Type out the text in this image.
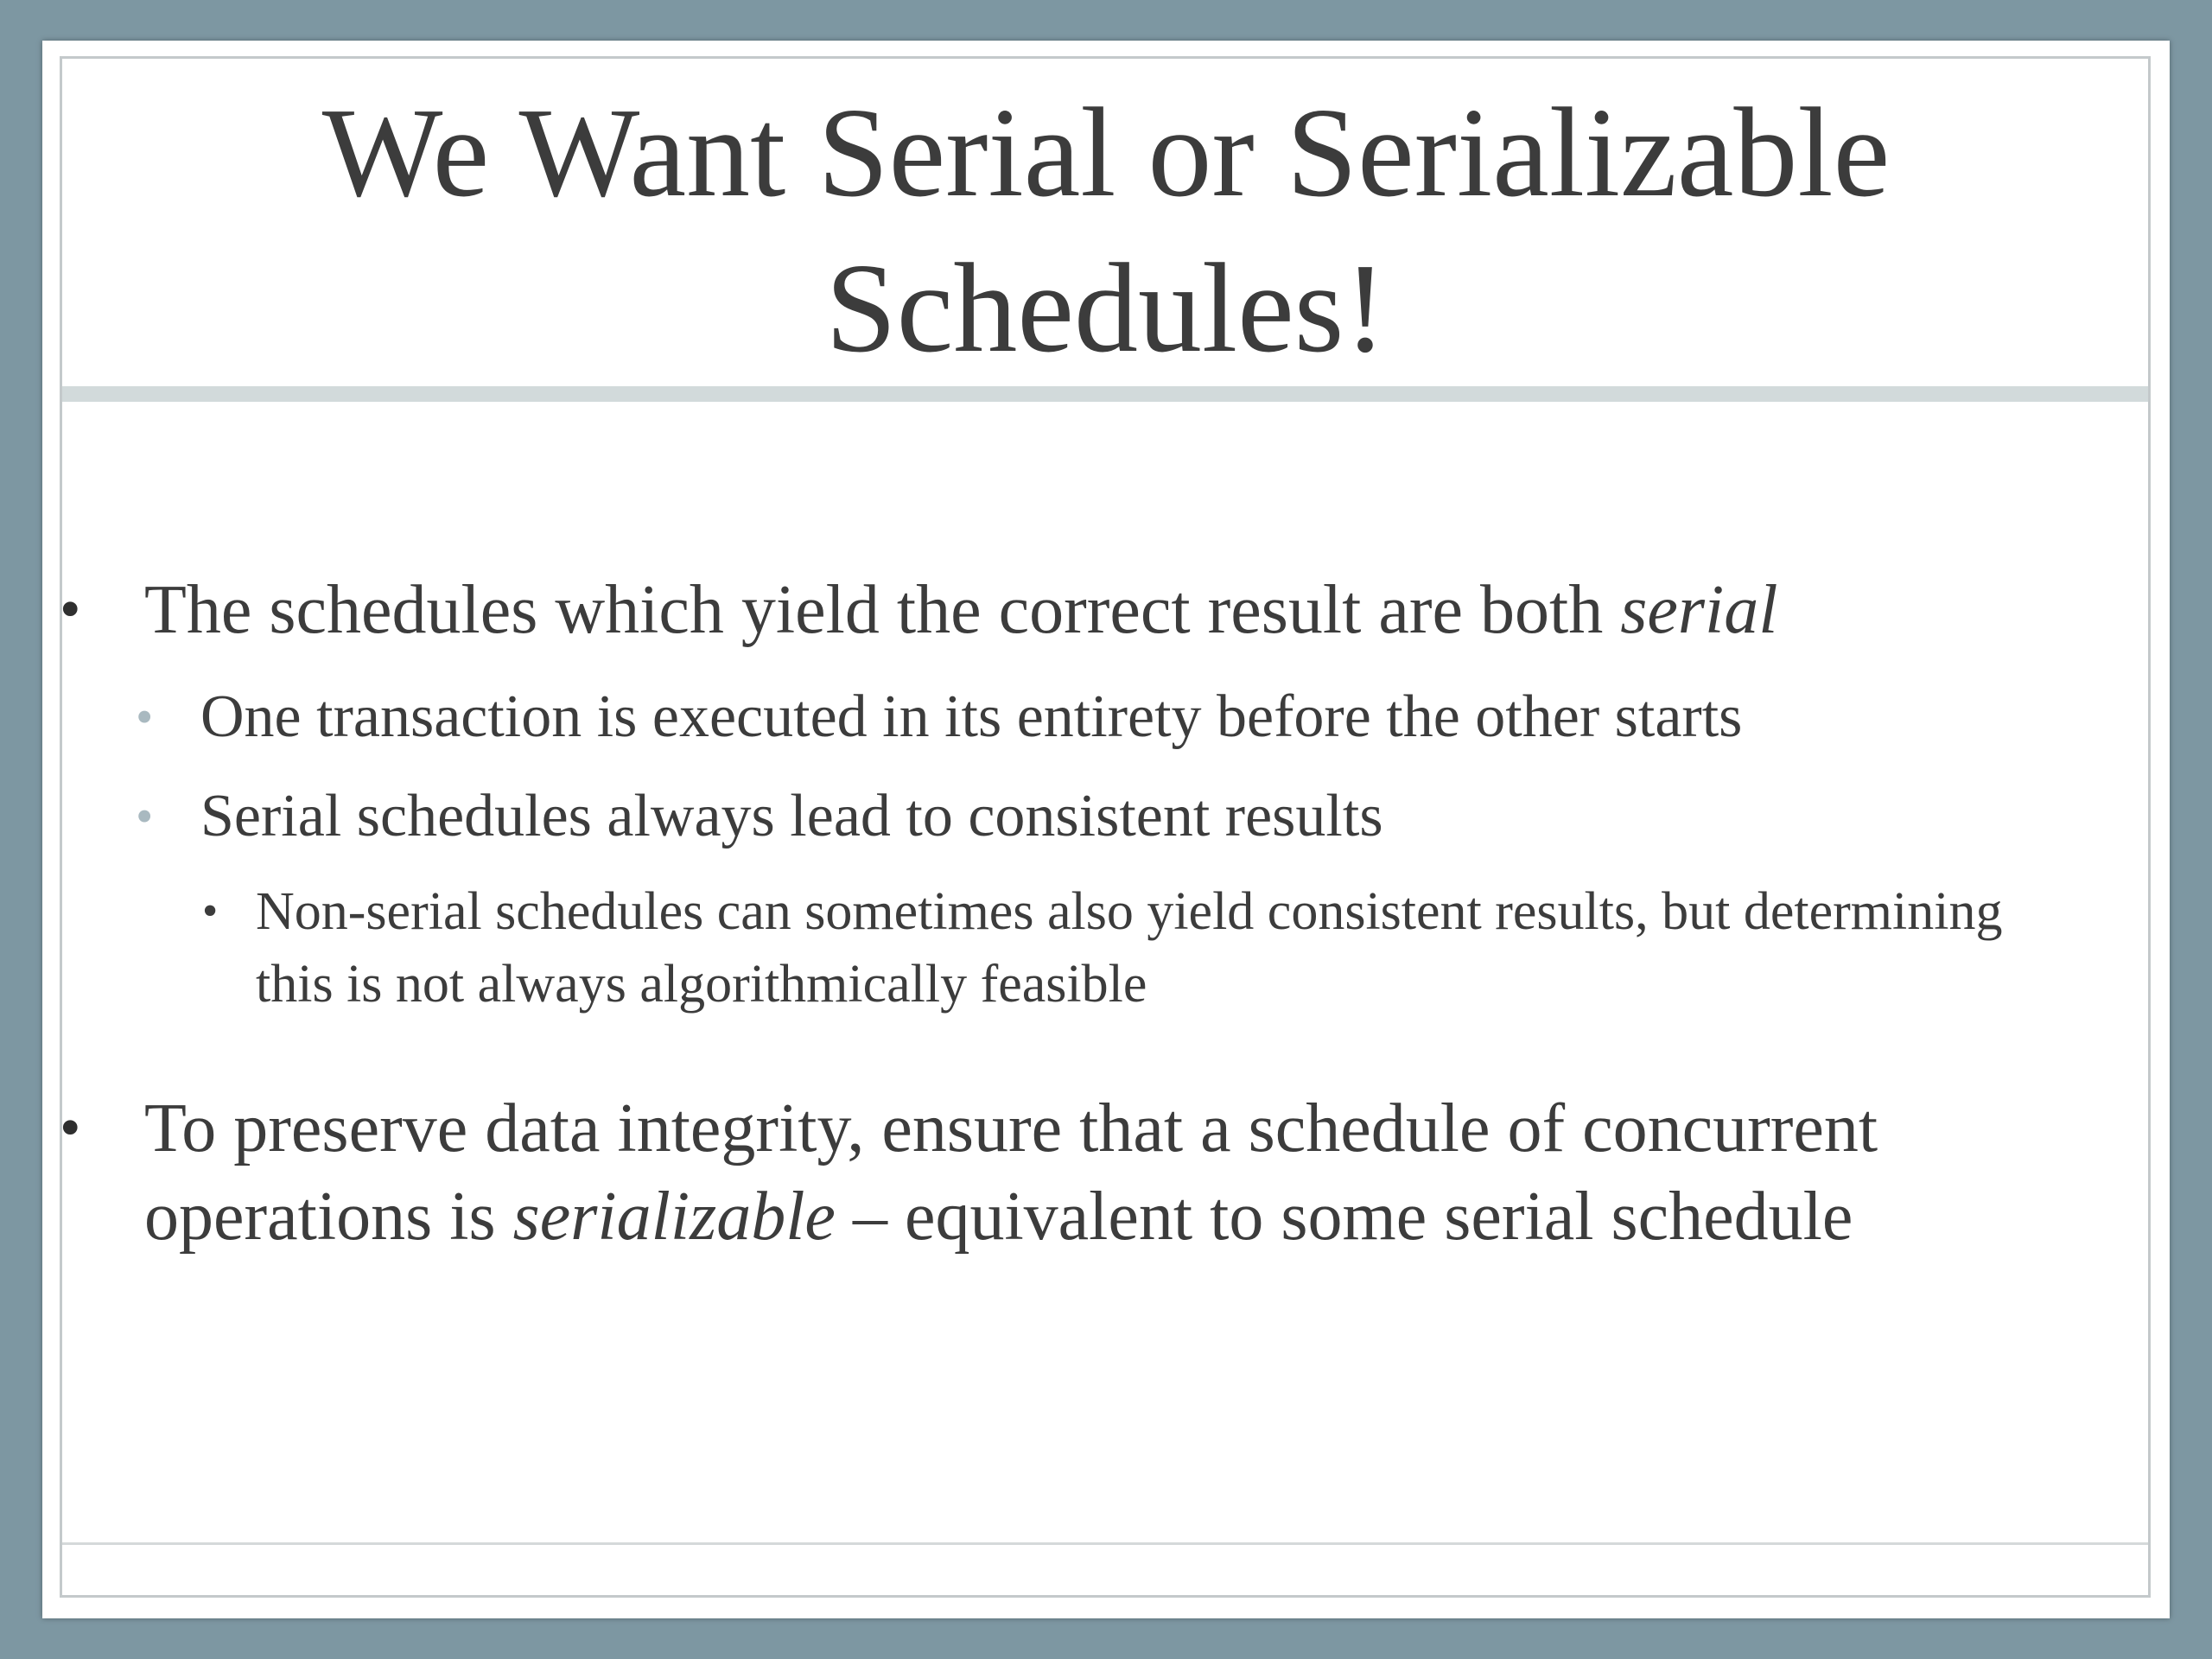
We Want Serial or Serializable Schedules!
• The schedules which yield the correct result are both serial
• One transaction is executed in its entirety before the other starts
• Serial schedules always lead to consistent results
• Non-serial schedules can sometimes also yield consistent results, but determining this is not always algorithmically feasible
• To preserve data integrity, ensure that a schedule of concurrent operations is serializable – equivalent to some serial schedule
